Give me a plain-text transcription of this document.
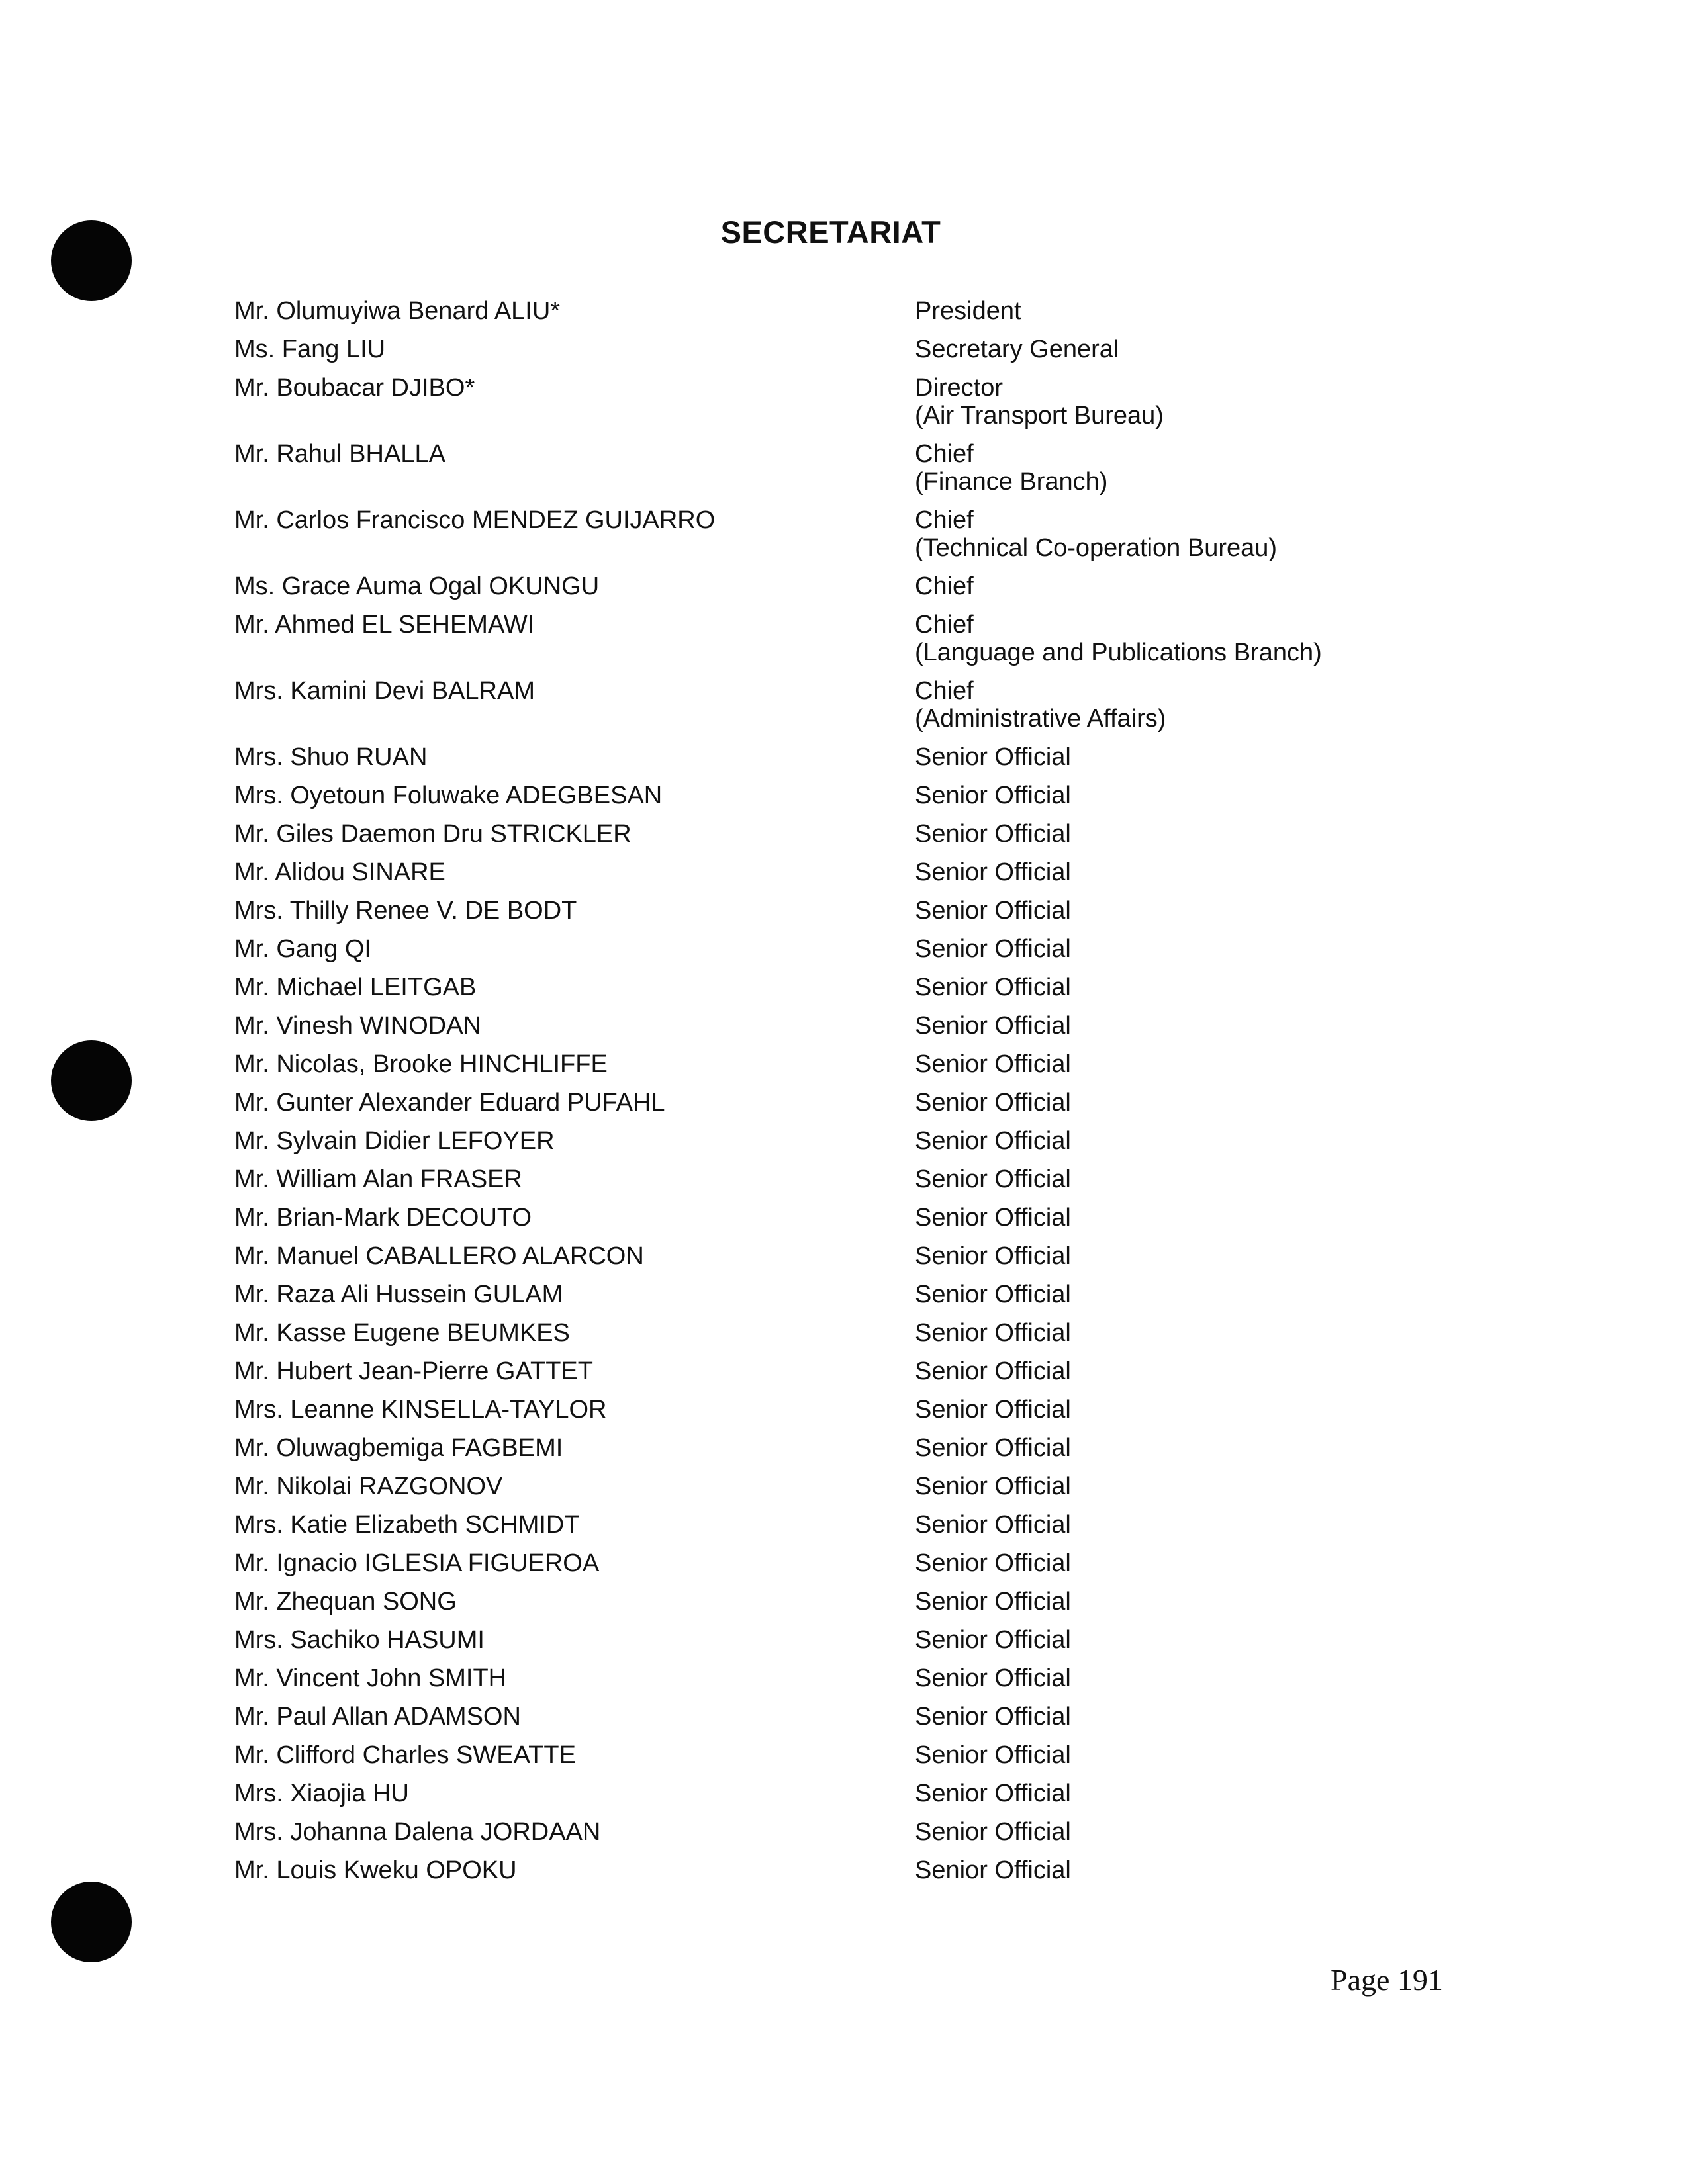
SECRETARIAT
Mr. Olumuyiwa Benard ALIU*	President
Ms. Fang LIU	Secretary General
Mr. Boubacar DJIBO*	Director
(Air Transport Bureau)
Mr. Rahul BHALLA	Chief
(Finance Branch)
Mr. Carlos Francisco MENDEZ GUIJARRO	Chief
(Technical Co-operation Bureau)
Ms. Grace Auma Ogal OKUNGU	Chief
Mr. Ahmed EL SEHEMAWI	Chief
(Language and Publications Branch)
Mrs. Kamini Devi BALRAM	Chief
(Administrative Affairs)
Mrs. Shuo RUAN	Senior Official
Mrs. Oyetoun Foluwake ADEGBESAN	Senior Official
Mr. Giles Daemon Dru STRICKLER	Senior Official
Mr. Alidou SINARE	Senior Official
Mrs. Thilly Renee V. DE BODT	Senior Official
Mr. Gang QI	Senior Official
Mr. Michael LEITGAB	Senior Official
Mr. Vinesh WINODAN	Senior Official
Mr. Nicolas, Brooke HINCHLIFFE	Senior Official
Mr. Gunter Alexander Eduard PUFAHL	Senior Official
Mr. Sylvain Didier LEFOYER	Senior Official
Mr. William Alan FRASER	Senior Official
Mr. Brian-Mark DECOUTO	Senior Official
Mr. Manuel CABALLERO ALARCON	Senior Official
Mr. Raza Ali Hussein GULAM	Senior Official
Mr. Kasse Eugene BEUMKES	Senior Official
Mr. Hubert Jean-Pierre GATTET	Senior Official
Mrs. Leanne KINSELLA-TAYLOR	Senior Official
Mr. Oluwagbemiga FAGBEMI	Senior Official
Mr. Nikolai RAZGONOV	Senior Official
Mrs. Katie Elizabeth SCHMIDT	Senior Official
Mr. Ignacio IGLESIA FIGUEROA	Senior Official
Mr. Zhequan SONG	Senior Official
Mrs. Sachiko HASUMI	Senior Official
Mr. Vincent John SMITH	Senior Official
Mr. Paul Allan ADAMSON	Senior Official
Mr. Clifford Charles SWEATTE	Senior Official
Mrs. Xiaojia HU	Senior Official
Mrs. Johanna Dalena JORDAAN	Senior Official
Mr. Louis Kweku OPOKU	Senior Official
Page 191
